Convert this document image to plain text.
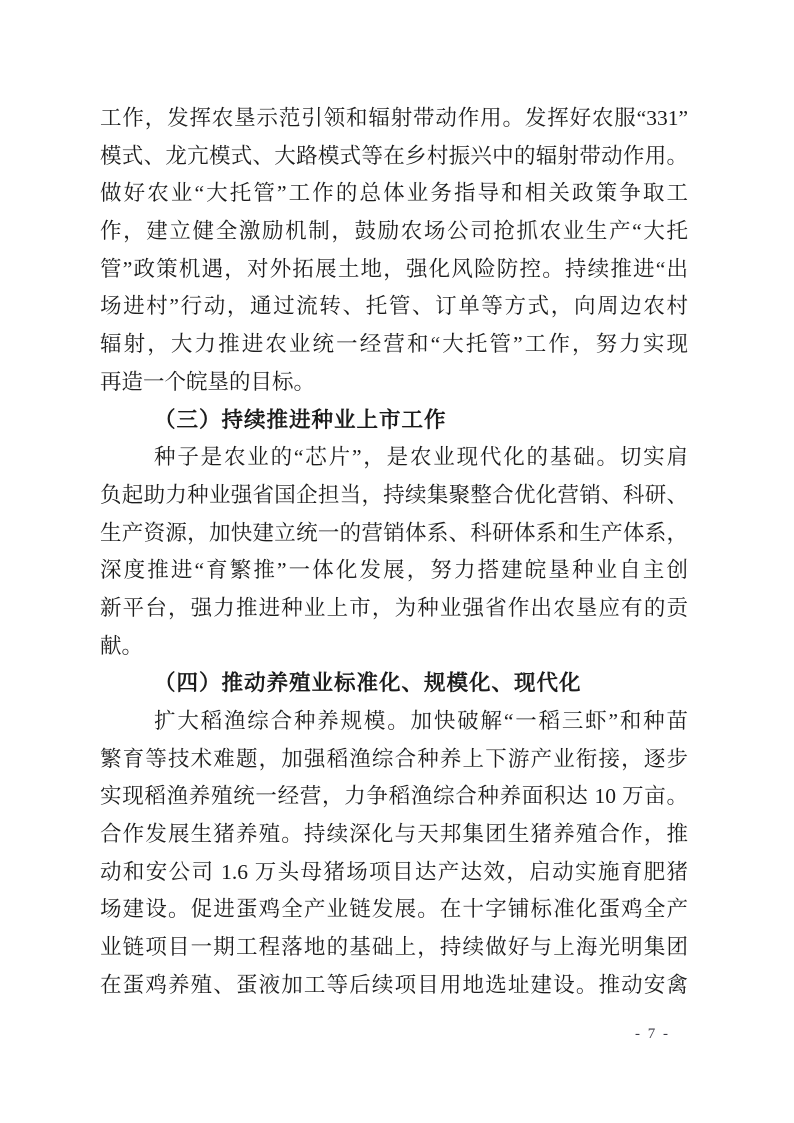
工作，发挥农垦示范引领和辐射带动作用。发挥好农服“331”
模式、龙亢模式、大路模式等在乡村振兴中的辐射带动作用。
做好农业“大托管”工作的总体业务指导和相关政策争取工
作，建立健全激励机制，鼓励农场公司抢抓农业生产“大托
管”政策机遇，对外拓展土地，强化风险防控。持续推进“出
场进村”行动，通过流转、托管、订单等方式，向周边农村
辐射，大力推进农业统一经营和“大托管”工作，努力实现
再造一个皖垦的目标。
（三）持续推进种业上市工作
种子是农业的“芯片”，是农业现代化的基础。切实肩
负起助力种业强省国企担当，持续集聚整合优化营销、科研、
生产资源，加快建立统一的营销体系、科研体系和生产体系，
深度推进“育繁推”一体化发展，努力搭建皖垦种业自主创
新平台，强力推进种业上市，为种业强省作出农垦应有的贡
献。
（四）推动养殖业标准化、规模化、现代化
扩大稻渔综合种养规模。加快破解“一稻三虾”和种苗
繁育等技术难题，加强稻渔综合种养上下游产业衔接，逐步
实现稻渔养殖统一经营，力争稻渔综合种养面积达 10 万亩。
合作发展生猪养殖。持续深化与天邦集团生猪养殖合作，推
动和安公司 1.6 万头母猪场项目达产达效，启动实施育肥猪
场建设。促进蛋鸡全产业链发展。在十字铺标准化蛋鸡全产
业链项目一期工程落地的基础上，持续做好与上海光明集团
在蛋鸡养殖、蛋液加工等后续项目用地选址建设。推动安禽
- 7 -
